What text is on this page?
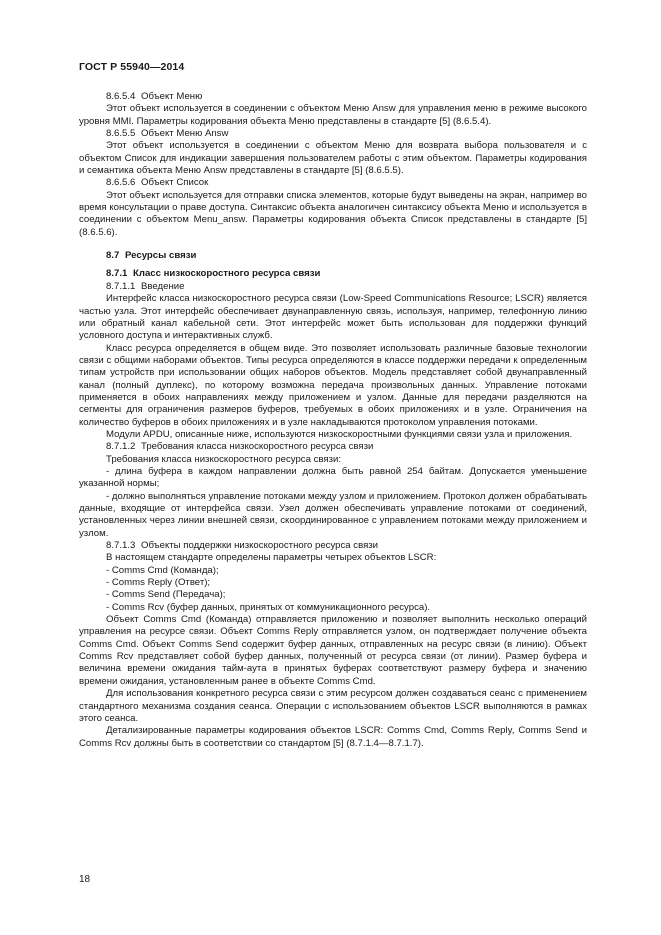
ГОСТ Р 55940—2014
8.6.5.4 Объект Меню

Этот объект используется в соединении с объектом Меню Answ для управления меню в режиме высокого уровня MMI. Параметры кодирования объекта Меню представлены в стандарте [5] (8.6.5.4).

8.6.5.5 Объект Меню Answ

Этот объект используется в соединении с объектом Меню для возврата выбора пользователя и с объектом Список для индикации завершения пользователем работы с этим объектом. Параметры кодирования и семантика объекта Меню Answ представлены в стандарте [5] (8.6.5.5).

8.6.5.6 Объект Список

Этот объект используется для отправки списка элементов, которые будут выведены на экран, например во время консультации о праве доступа. Синтаксис объекта аналогичен синтаксису объекта Меню и используется в соединении с объектом Menu_answ. Параметры кодирования объекта Список представлены в стандарте [5] (8.6.5.6).

8.7 Ресурсы связи
8.7.1 Класс низкоскоростного ресурса связи
8.7.1.1 Введение

Интерфейс класса низкоскоростного ресурса связи (Low-Speed Communications Resource; LSCR) является частью узла. Этот интерфейс обеспечивает двунаправленную связь, используя, например, телефонную линию или обратный канал кабельной сети. Этот интерфейс может быть использован для поддержки функций условного доступа и интерактивных служб.

Класс ресурса определяется в общем виде. Это позволяет использовать различные базовые технологии связи с общими наборами объектов. Типы ресурса определяются в классе поддержки передачи к определенным типам устройств при использовании общих наборов объектов. Модель представляет собой двунаправленный канал (полный дуплекс), по которому возможна передача произвольных данных. Управление потоками применяется в обоих направлениях между приложением и узлом. Данные для передачи разделяются на сегменты для ограничения размеров буферов, требуемых в обоих приложениях и в узле. Ограничения на количество буферов в обоих приложениях и в узле накладываются протоколом управления потоками.

Модули APDU, описанные ниже, используются низкоскоростными функциями связи узла и приложения.

8.7.1.2 Требования класса низкоскоростного ресурса связи

Требования класса низкоскоростного ресурса связи:

- длина буфера в каждом направлении должна быть равной 254 байтам. Допускается уменьшение указанной нормы;

- должно выполняться управление потоками между узлом и приложением. Протокол должен обрабатывать данные, входящие от интерфейса связи. Узел должен обеспечивать управление потоками от соединений, установленных через линии внешней связи, скоординированное с управлением потоками между приложением и узлом.

8.7.1.3 Объекты поддержки низкоскоростного ресурса связи

В настоящем стандарте определены параметры четырех объектов LSCR:

- Comms Cmd (Команда);

- Comms Reply (Ответ);

- Comms Send (Передача);

- Comms Rcv (буфер данных, принятых от коммуникационного ресурса).

Объект Comms Cmd (Команда) отправляется приложению и позволяет выполнить несколько операций управления на ресурсе связи. Объект Comms Reply отправляется узлом, он подтверждает получение объекта Comms Cmd. Объект Comms Send содержит буфер данных, отправленных на ресурс связи (в линию). Объект Comms Rcv представляет собой буфер данных, полученный от ресурса связи (от линии). Размер буфера и величина времени ожидания тайм-аута в принятых буферах соответствуют размеру буфера и значению времени ожидания, установленным ранее в объекте Comms Cmd.

Для использования конкретного ресурса связи с этим ресурсом должен создаваться сеанс с применением стандартного механизма создания сеанса. Операции с использованием объектов LSCR выполняются в рамках этого сеанса.

Детализированные параметры кодирования объектов LSCR: Comms Cmd, Comms Reply, Comms Send и Comms Rcv должны быть в соответствии со стандартом [5] (8.7.1.4—8.7.1.7).

18
